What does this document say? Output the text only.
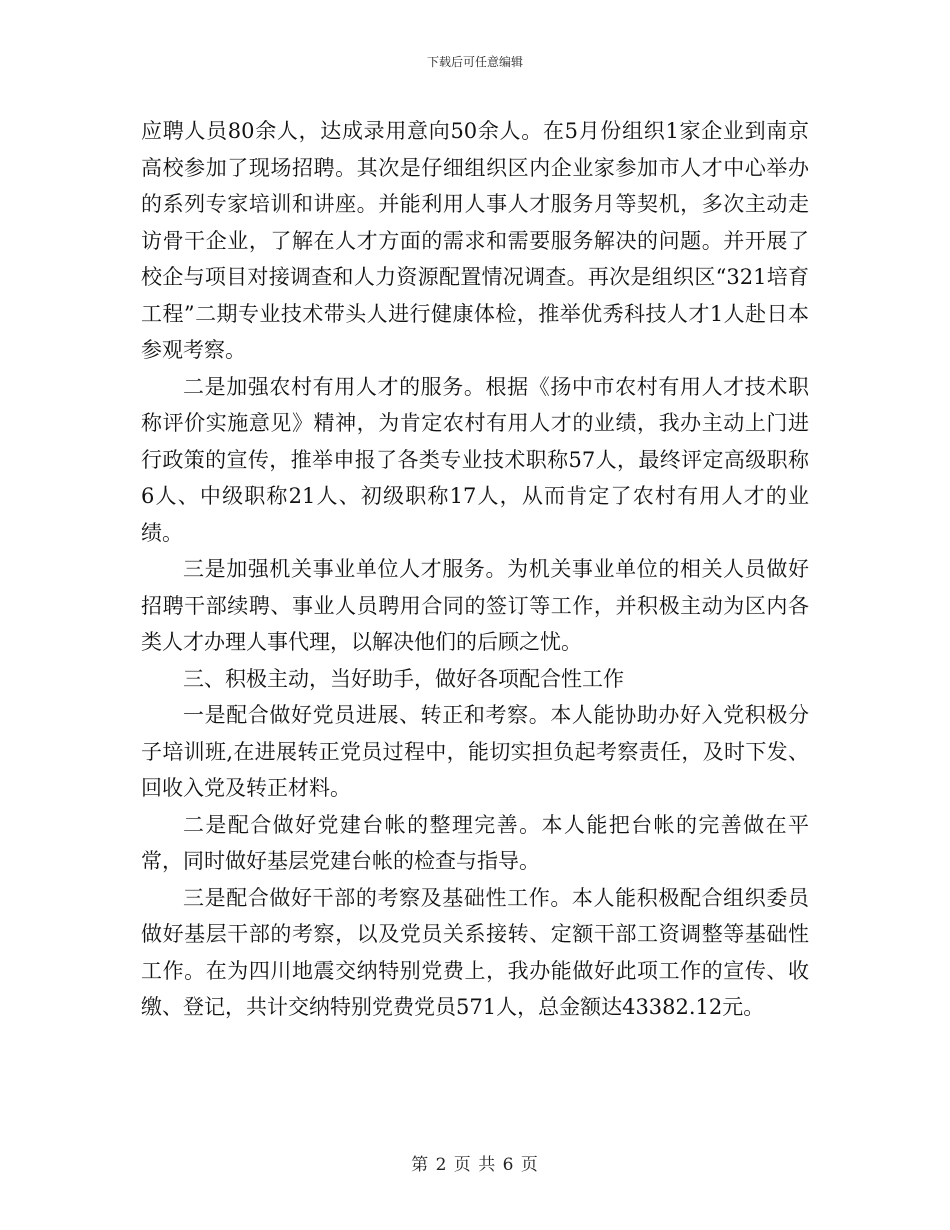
下载后可任意编辑

应聘人员80余人，达成录用意向50余人。在5月份组织1家企业到南京高校参加了现场招聘。其次是仔细组织区内企业家参加市人才中心举办的系列专家培训和讲座。并能利用人事人才服务月等契机，多次主动走访骨干企业，了解在人才方面的需求和需要服务解决的问题。并开展了校企与项目对接调查和人力资源配置情况调查。再次是组织区“321培育工程”二期专业技术带头人进行健康体检，推举优秀科技人才1人赴日本参观考察。

二是加强农村有用人才的服务。根据《扬中市农村有用人才技术职称评价实施意见》精神，为肯定农村有用人才的业绩，我办主动上门进行政策的宣传，推举申报了各类专业技术职称57人，最终评定高级职称6人、中级职称21人、初级职称17人，从而肯定了农村有用人才的业绩。

三是加强机关事业单位人才服务。为机关事业单位的相关人员做好招聘干部续聘、事业人员聘用合同的签订等工作，并积极主动为区内各类人才办理人事代理，以解决他们的后顾之忧。

三、积极主动，当好助手，做好各项配合性工作

一是配合做好党员进展、转正和考察。本人能协助办好入党积极分子培训班,在进展转正党员过程中，能切实担负起考察责任，及时下发、回收入党及转正材料。

二是配合做好党建台帐的整理完善。本人能把台帐的完善做在平常，同时做好基层党建台帐的检查与指导。

三是配合做好干部的考察及基础性工作。本人能积极配合组织委员做好基层干部的考察，以及党员关系接转、定额干部工资调整等基础性工作。在为四川地震交纳特别党费上，我办能做好此项工作的宣传、收缴、登记，共计交纳特别党费党员571人，总金额达43382.12元。

第 2 页 共 6 页
